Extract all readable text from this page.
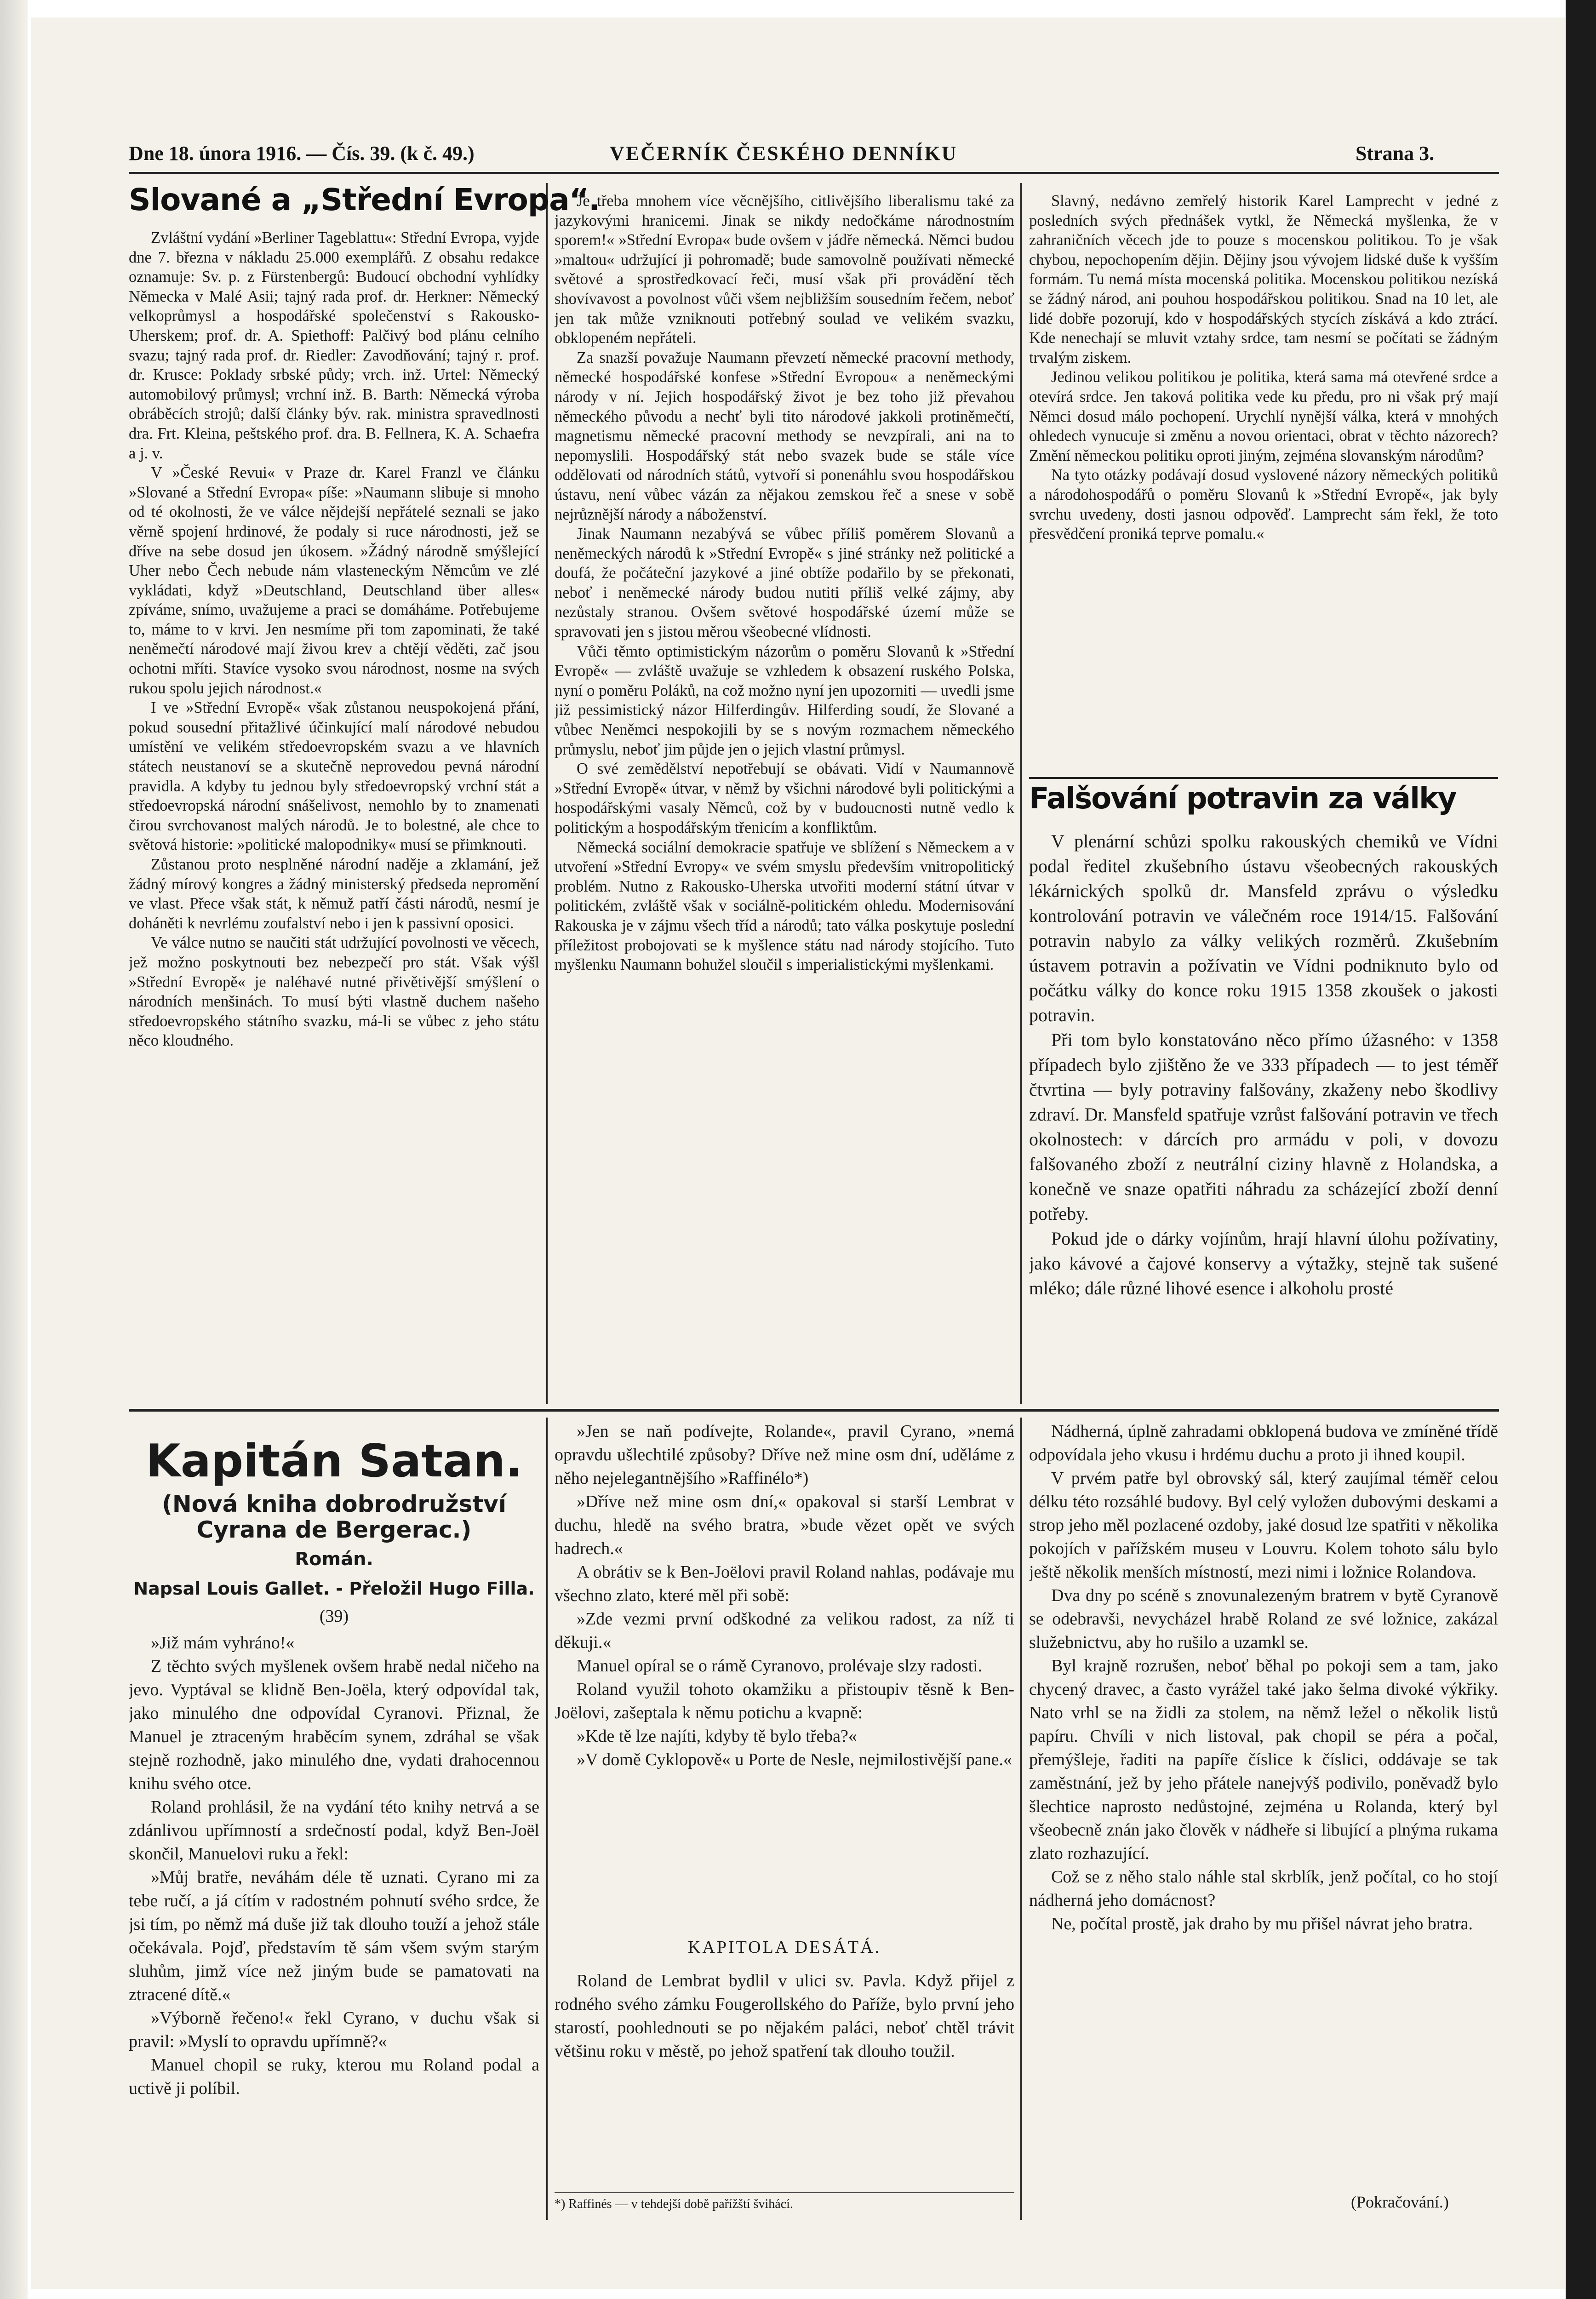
Dne 18. února 1916. — Čís. 39. (k č. 49.)	VEČERNÍK ČESKÉHO DENNÍKU	Strana 3.
Slované a „Střední Evropa“.

Zvláštní vydání »Berliner Tageblattu«: Střední Evropa, vyjde dne 7. března v nákladu 25.000 exemplářů. Z obsahu redakce oznamuje: Sv. p. z Fürstenbergů: Budoucí obchodní vyhlídky Německa v Malé Asii; tajný rada prof. dr. Herkner: Německý velkoprůmysl a hospodářské společenství s Rakousko-Uherskem; prof. dr. A. Spiethoff: Palčivý bod plánu celního svazu; tajný rada prof. dr. Riedler: Zavodňování; tajný r. prof. dr. Krusce: Poklady srbské půdy; vrch. inž. Urtel: Německý automobilový průmysl; vrchní inž. B. Barth: Německá výroba obráběcích strojů; další články býv. rak. ministra spravedlnosti dra. Frt. Kleina, peštského prof. dra. B. Fellnera, K. A. Schaefra a j. v.

V »České Revui« v Praze dr. Karel Franzl ve článku »Slované a Střední Evropa« píše: »Naumann slibuje si mnoho od té okolnosti, že ve válce nějdejší nepřátelé seznali se jako věrně spojení hrdinové, že podaly si ruce národnosti, jež se dříve na sebe dosud jen úkosem. »Žádný národně smýšlející Uher nebo Čech nebude nám vlasteneckým Němcům ve zlé vykládati, když »Deutschland, Deutschland über alles« zpíváme, snímo, uvažujeme a praci se domáháme. Potřebujeme to, máme to v krvi. Jen nesmíme při tom zapominati, že také neněmečtí národové mají živou krev a chtějí věděti, zač jsou ochotni mříti. Stavíce vysoko svou národnost, nosme na svých rukou spolu jejich národnost.«

I ve »Střední Evropě« však zůstanou neuspokojená přání, pokud sousední přitažlivé účinkující malí národové nebudou umístění ve velikém středoevropském svazu a ve hlavních státech neustanoví se a skutečně neprovedou pevná národní pravidla. A kdyby tu jednou byly středoevropský vrchní stát a středoevropská národní snášelivost, nemohlo by to znamenati čirou svrchovanost malých národů. Je to bolestné, ale chce to světová historie: »politické malopodniky« musí se přimknouti.

Zůstanou proto nesplněné národní naděje a zklamání, jež žádný mírový kongres a žádný ministerský předseda nepromění ve vlast. Přece však stát, k němuž patří části národů, nesmí je doháněti k nevrlému zoufalství nebo i jen k passivní oposici.

Ve válce nutno se naučiti stát udržující povolnosti ve věcech, jež možno poskytnouti bez nebezpečí pro stát. Však výšl »Střední Evropě« je naléhavé nutné přivětivější smýšlení o národních menšinách. To musí býti vlastně duchem našeho středoevropského státního svazku, má-li se vůbec z jeho státu něco kloudného.

Je třeba mnohem více věcnějšího, citlivějšího liberalismu také za jazykovými hranicemi. Jinak se nikdy nedočkáme národnostním sporem!« »Střední Evropa« bude ovšem v jádře německá. Němci budou »maltou« udržující ji pohromadě; bude samovolně používati německé světové a sprostředkovací řeči, musí však při provádění těch shovívavost a povolnost vůči všem nejbližším sousedním řečem, neboť jen tak může vzniknouti potřebný soulad ve velikém svazku, obklopeném nepřáteli.

Za snazší považuje Naumann převzetí německé pracovní methody, německé hospodářské konfese »Střední Evropou« a neněmeckými národy v ní. Jejich hospodářský život je bez toho již převahou německého původu a nechť byli tito národové jakkoli protiněmečtí, magnetismu německé pracovní methody se nevzpírali, ani na to nepomyslili. Hospodářský stát nebo svazek bude se stále více oddělovati od národních států, vytvoří si ponenáhlu svou hospodářskou ústavu, není vůbec vázán za nějakou zemskou řeč a snese v sobě nejrůznější národy a náboženství.

Jinak Naumann nezabývá se vůbec příliš poměrem Slovanů a neněmeckých národů k »Střední Evropě« s jiné stránky než politické a doufá, že počáteční jazykové a jiné obtíže podařilo by se překonati, neboť i neněmecké národy budou nutiti příliš velké zájmy, aby nezůstaly stranou. Ovšem světové hospodářské území může se spravovati jen s jistou měrou všeobecné vlídnosti.

Vůči těmto optimistickým názorům o poměru Slovanů k »Střední Evropě« — zvláště uvažuje se vzhledem k obsazení ruského Polska, nyní o poměru Poláků, na což možno nyní jen upozorniti — uvedli jsme již pessimistický názor Hilferdingův. Hilferding soudí, že Slované a vůbec Neněmci nespokojili by se s novým rozmachem německého průmyslu, neboť jim půjde jen o jejich vlastní průmysl.

O své zemědělství nepotřebují se obávati. Vidí v Naumannově »Střední Evropě« útvar, v němž by všichni národové byli politickými a hospodářskými vasaly Němců, což by v budoucnosti nutně vedlo k politickým a hospodářským třenicím a konfliktům.

Německá sociální demokracie spatřuje ve sblížení s Německem a v utvoření »Střední Evropy« ve svém smyslu především vnitropolitický problém. Nutno z Rakousko-Uherska utvořiti moderní státní útvar v politickém, zvláště však v sociálně-politickém ohledu. Modernisování Rakouska je v zájmu všech tříd a národů; tato válka poskytuje poslední příležitost probojovati se k myšlence státu nad národy stojícího. Tuto myšlenku Naumann bohužel sloučil s imperialistickými myšlenkami.

Slavný, nedávno zemřelý historik Karel Lamprecht v jedné z posledních svých přednášek vytkl, že Německá myšlenka, že v zahraničních věcech jde to pouze s mocenskou politikou. To je však chybou, nepochopením dějin. Dějiny jsou vývojem lidské duše k vyšším formám. Tu nemá místa mocenská politika. Mocenskou politikou nezíská se žádný národ, ani pouhou hospodářskou politikou. Snad na 10 let, ale lidé dobře pozorují, kdo v hospodářských stycích získává a kdo ztrácí. Kde nenechají se mluvit vztahy srdce, tam nesmí se počítati se žádným trvalým ziskem.

Jedinou velikou politikou je politika, která sama má otevřené srdce a otevírá srdce. Jen taková politika vede ku předu, pro ni však prý mají Němci dosud málo pochopení. Urychlí nynější válka, která v mnohých ohledech vynucuje si změnu a novou orientaci, obrat v těchto názorech? Změní německou politiku oproti jiným, zejména slovanským národům?

Na tyto otázky podávají dosud vyslovené názory německých politiků a národohospodářů o poměru Slovanů k »Střední Evropě«, jak byly svrchu uvedeny, dosti jasnou odpověď. Lamprecht sám řekl, že toto přesvědčení proniká teprve pomalu.«

Falšování potravin za války

V plenární schůzi spolku rakouských chemiků ve Vídni podal ředitel zkušebního ústavu všeobecných rakouských lékárnických spolků dr. Mansfeld zprávu o výsledku kontrolování potravin ve válečném roce 1914/15. Falšování potravin nabylo za války velikých rozměrů. Zkušebním ústavem potravin a požívatin ve Vídni podniknuto bylo od počátku války do konce roku 1915 1358 zkoušek o jakosti potravin.

Při tom bylo konstatováno něco přímo úžasného: v 1358 případech bylo zjištěno že ve 333 případech — to jest téměř čtvrtina — byly potraviny falšovány, zkaženy nebo škodlivy zdraví. Dr. Mansfeld spatřuje vzrůst falšování potravin ve třech okolnostech: v dárcích pro armádu v poli, v dovozu falšovaného zboží z neutrální ciziny hlavně z Holandska, a konečně ve snaze opatřiti náhradu za scházející zboží denní potřeby.

Pokud jde o dárky vojínům, hrají hlavní úlohu požívatiny, jako kávové a čajové konservy a výtažky, stejně tak sušené mléko; dále různé lihové esence i alkoholu prosté

Kapitán Satan.
(Nová kniha dobrodružství Cyrana de Bergerac.)
Román.
Napsal Louis Gallet. - Přeložil Hugo Filla.
(39)

»Již mám vyhráno!«

Z těchto svých myšlenek ovšem hrabě nedal ničeho na jevo. Vyptával se klidně Ben-Joëla, který odpovídal tak, jako minulého dne odpovídal Cyranovi. Přiznal, že Manuel je ztraceným hraběcím synem, zdráhal se však stejně rozhodně, jako minulého dne, vydati drahocennou knihu svého otce.

Roland prohlásil, že na vydání této knihy netrvá a se zdánlivou upřímností a srdečností podal, když Ben-Joël skončil, Manuelovi ruku a řekl:

»Můj bratře, neváhám déle tě uznati. Cyrano mi za tebe ručí, a já cítím v radostném pohnutí svého srdce, že jsi tím, po němž má duše již tak dlouho touží a jehož stále očekávala. Pojď, představím tě sám všem svým starým sluhům, jimž více než jiným bude se pamatovati na ztracené dítě.«

»Výborně řečeno!« řekl Cyrano, v duchu však si pravil: »Myslí to opravdu upřímně?«

Manuel chopil se ruky, kterou mu Roland podal a uctivě ji políbil.

»Jen se naň podívejte, Rolande«, pravil Cyrano, »nemá opravdu ušlechtilé způsoby? Dříve než mine osm dní, uděláme z něho nejelegantnějšího »Raffinélo*)

»Dříve než mine osm dní,« opakoval si starší Lembrat v duchu, hledě na svého bratra, »bude vězet opět ve svých hadrech.«

A obrátiv se k Ben-Joëlovi pravil Roland nahlas, podávaje mu všechno zlato, které měl při sobě:

»Zde vezmi první odškodné za velikou radost, za níž ti děkuji.«

Manuel opíral se o rámě Cyranovo, prolévaje slzy radosti.

Roland využil tohoto okamžiku a přistoupiv těsně k Ben-Joëlovi, zašeptala k němu potichu a kvapně:

»Kde tě lze najíti, kdyby tě bylo třeba?«

»V domě Cyklopově« u Porte de Nesle, nejmilostivější pane.«

KAPITOLA DESÁTÁ.

Roland de Lembrat bydlil v ulici sv. Pavla. Když přijel z rodného svého zámku Fougerollského do Paříže, bylo první jeho starostí, poohlednouti se po nějakém paláci, neboť chtěl trávit většinu roku v městě, po jehož spatření tak dlouho toužil.

*) Raffinés — v tehdejší době pařížští švihácí.

Nádherná, úplně zahradami obklopená budova ve zmíněné třídě odpovídala jeho vkusu i hrdému duchu a proto ji ihned koupil.

V prvém patře byl obrovský sál, který zaujímal téměř celou délku této rozsáhlé budovy. Byl celý vyložen dubovými deskami a strop jeho měl pozlacené ozdoby, jaké dosud lze spatřiti v několika pokojích v pařížském museu v Louvru. Kolem tohoto sálu bylo ještě několik menších místností, mezi nimi i ložnice Rolandova.

Dva dny po scéně s znovunalezeným bratrem v bytě Cyranově se odebravši, nevycházel hrabě Roland ze své ložnice, zakázal služebnictvu, aby ho rušilo a uzamkl se.

Byl krajně rozrušen, neboť běhal po pokoji sem a tam, jako chycený dravec, a často vyrážel také jako šelma divoké výkřiky. Nato vrhl se na židli za stolem, na němž ležel o několik listů papíru. Chvíli v nich listoval, pak chopil se péra a počal, přemýšleje, řaditi na papíře číslice k číslici, oddávaje se tak zaměstnání, jež by jeho přátele nanejvýš podivilo, poněvadž bylo šlechtice naprosto nedůstojné, zejména u Rolanda, který byl všeobecně znán jako člověk v nádheře si libující a plnýma rukama zlato rozhazující.

Což se z něho stalo náhle stal skrblík, jenž počítal, co ho stojí nádherná jeho domácnost?

Ne, počítal prostě, jak draho by mu přišel návrat jeho bratra.

(Pokračování.)
